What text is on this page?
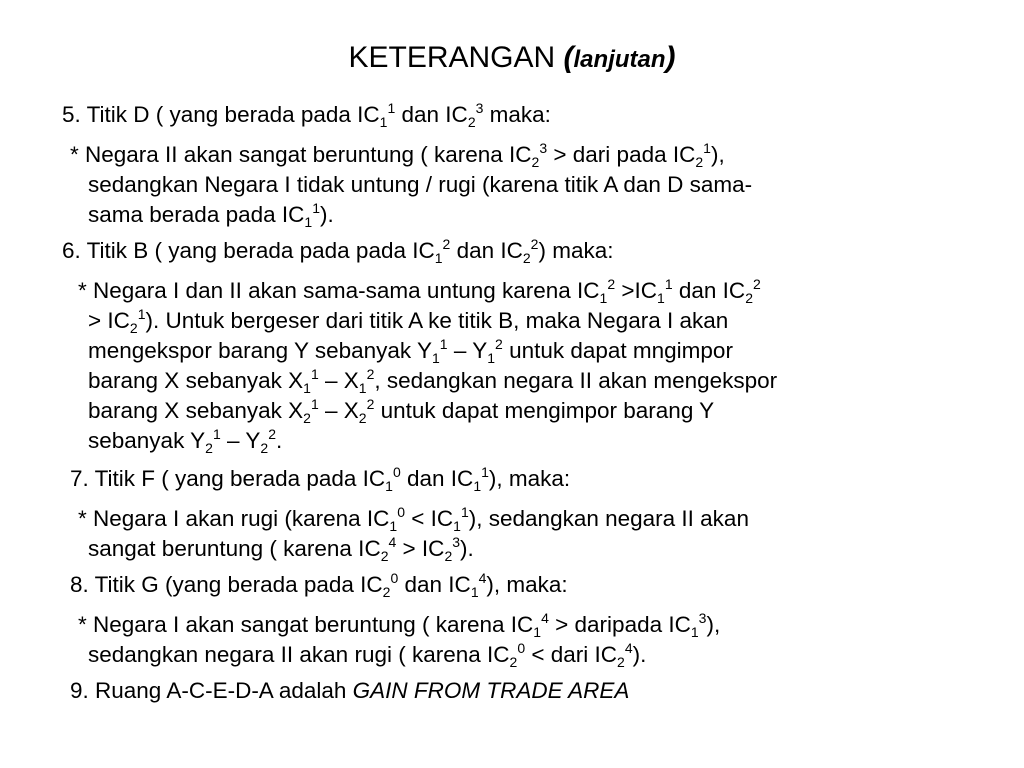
KETERANGAN (lanjutan)
5. Titik D ( yang berada pada $IC_1^1$ dan $IC_2^3$ maka:
* Negara II akan sangat beruntung ( karena $IC_2^3$ > dari pada $IC_2^1$),
sedangkan Negara I tidak untung / rugi (karena titik A dan D sama-
sama berada pada $IC_1^1$).
6. Titik B ( yang berada pada pada $IC_1^2$ dan $IC_2^2$) maka:
* Negara I dan II akan sama-sama untung karena $IC_1^2 >IC_1^1$ dan $IC_2^2$
> $IC_2^1$). Untuk bergeser dari titik A ke titik B, maka Negara I akan
mengekspor barang Y sebanyak $Y_1^1 - Y_1^2$ untuk dapat mngimpor
barang X sebanyak $X_1^1 - X_1^2$, sedangkan negara II akan mengekspor
barang X sebanyak $X_2^1 - X_2^2$ untuk dapat mengimpor barang Y
sebanyak $Y_2^1 - Y_2^2$.
7. Titik F ( yang berada pada $IC_1^0$ dan $IC_1^1$), maka:
* Negara I akan rugi (karena $IC_1^0 < IC_1^1$), sedangkan negara II akan
sangat beruntung ( karena $IC_2^4 > IC_2^3$).
8. Titik G (yang berada pada $IC_2^0$ dan $IC_1^4$), maka:
* Negara I akan sangat beruntung ( karena $IC_1^4$ > daripada $IC_1^3$),
sedangkan negara II akan rugi ( karena $IC_2^0$ < dari $IC_2^4$).
9. Ruang A-C-E-D-A adalah GAIN FROM TRADE AREA
